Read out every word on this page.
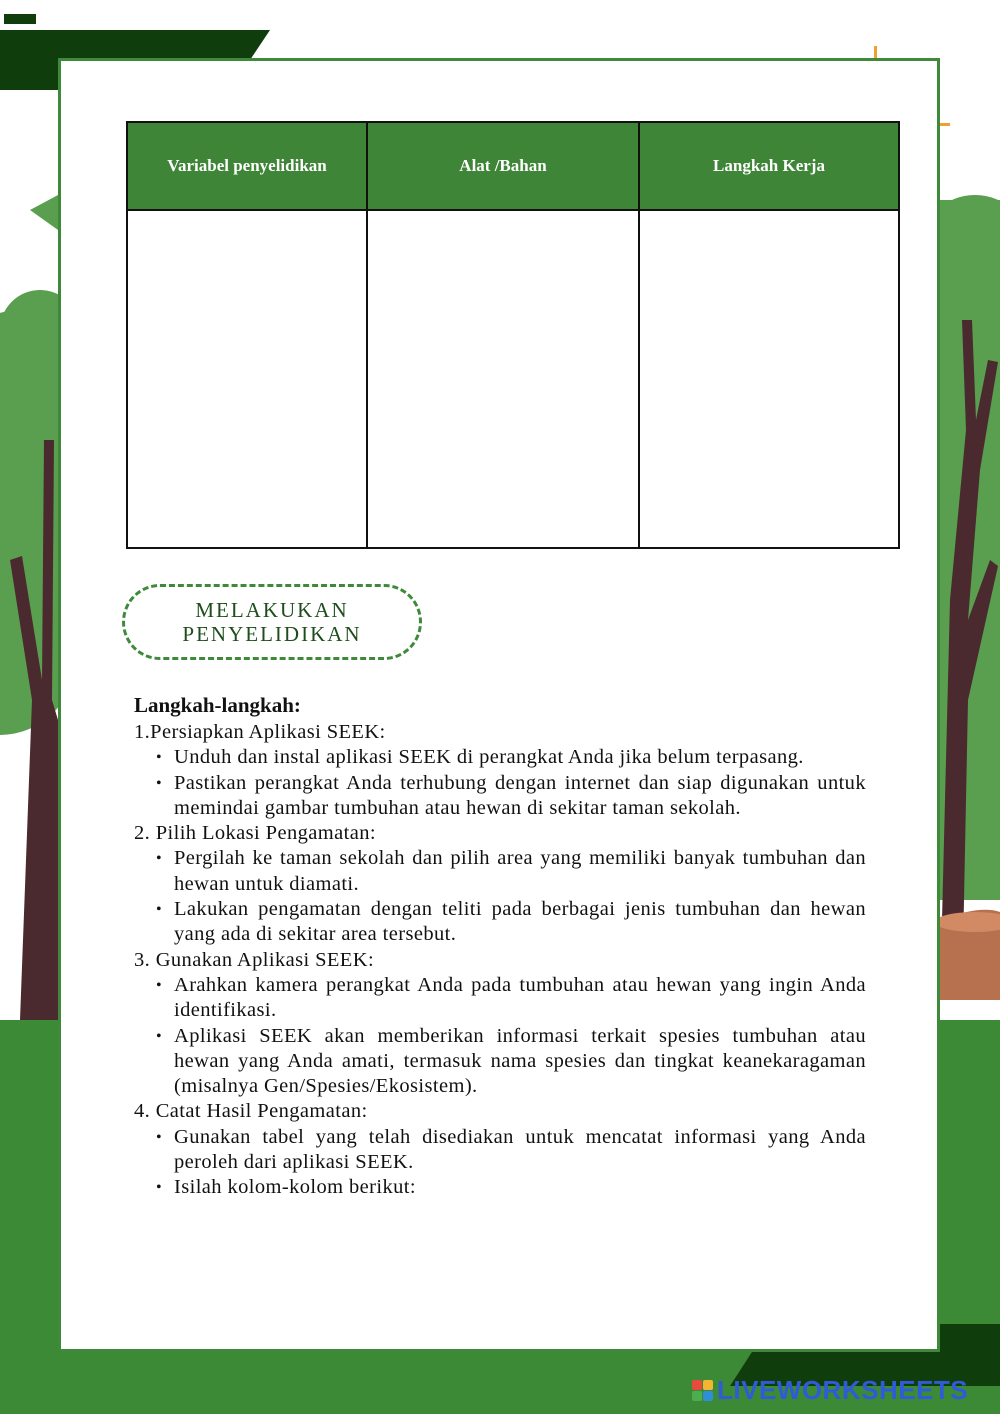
Variabel penyelidikan	Alat /Bahan	Langkah Kerja

MELAKUKAN
PENYELIDIKAN
Langkah-langkah:

1.Persiapkan Aplikasi SEEK:

• Unduh dan instal aplikasi SEEK di perangkat Anda jika belum terpasang.
• Pastikan perangkat Anda terhubung dengan internet dan siap digunakan untuk memindai gambar tumbuhan atau hewan di sekitar taman sekolah.

2. Pilih Lokasi Pengamatan:

• Pergilah ke taman sekolah dan pilih area yang memiliki banyak tumbuhan dan hewan untuk diamati.
• Lakukan pengamatan dengan teliti pada berbagai jenis tumbuhan dan hewan yang ada di sekitar area tersebut.

3. Gunakan Aplikasi SEEK:

• Arahkan kamera perangkat Anda pada tumbuhan atau hewan yang ingin Anda identifikasi.
• Aplikasi SEEK akan memberikan informasi terkait spesies tumbuhan atau hewan yang Anda amati, termasuk nama spesies dan tingkat keanekaragaman (misalnya Gen/Spesies/Ekosistem).

4. Catat Hasil Pengamatan:

• Gunakan tabel yang telah disediakan untuk mencatat informasi yang Anda peroleh dari aplikasi SEEK.
• Isilah kolom-kolom berikut:
LIVEWORKSHEETS
